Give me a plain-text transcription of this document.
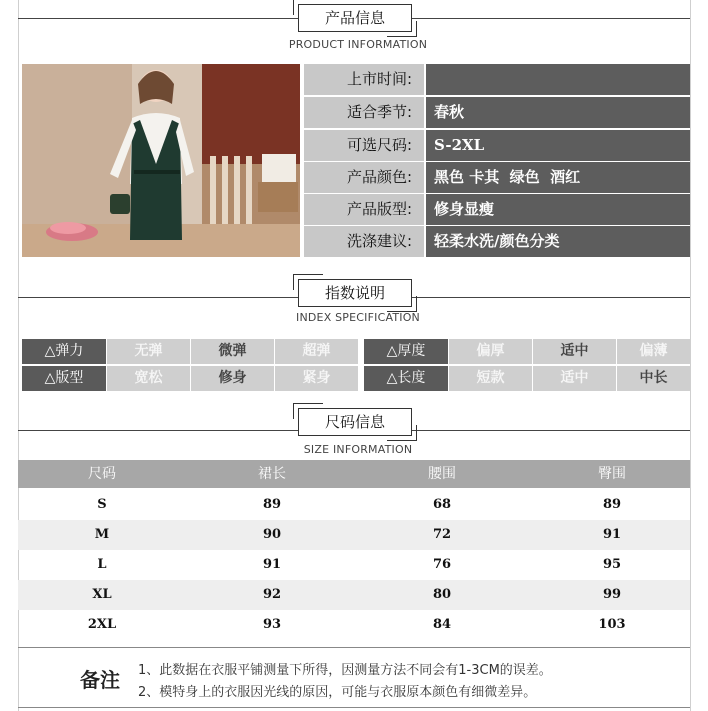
产品信息
PRODUCT INFORMATION
上市时间:
适合季节:	春秋
可选尺码:	S-2XL
产品颜色:	黑色 卡其  绿色  酒红
产品版型:	修身显瘦
洗涤建议:	轻柔水洗/颜色分类
指数说明
INDEX SPECIFICATION
△弹力	无弹	微弹	超弹	△厚度	偏厚	适中	偏薄
△版型	宽松	修身	紧身	△长度	短款	适中	中长
尺码信息
SIZE INFORMATION
尺码	裙长	腰围	臀围
S	89	68	89
M	90	72	91
L	91	76	95
XL	92	80	99
2XL	93	84	103
备注 1、此数据在衣服平铺测量下所得，因测量方法不同会有1-3CM的误差。
2、模特身上的衣服因光线的原因，可能与衣服原本颜色有细微差异。
